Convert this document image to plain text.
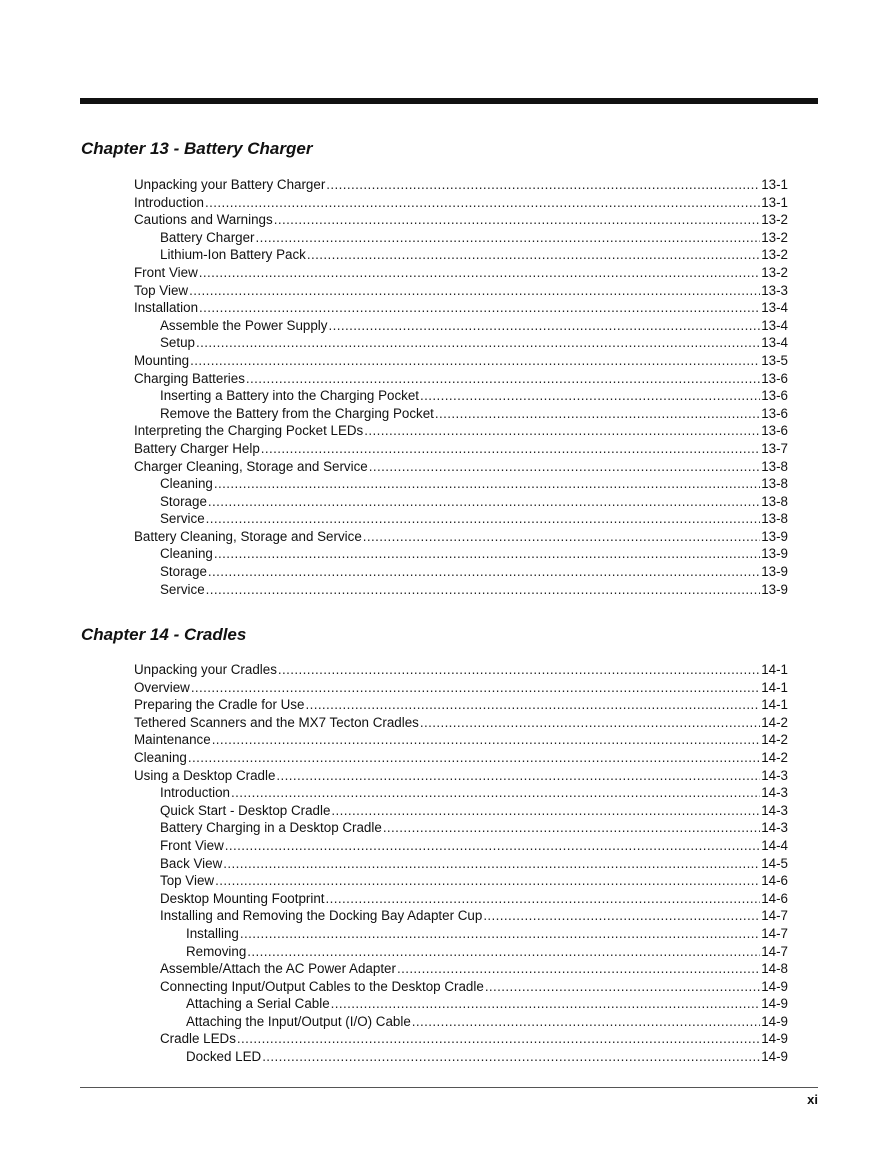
Chapter 13 - Battery Charger
Unpacking your Battery Charger .....	13-1
Introduction .....	13-1
Cautions and Warnings .....	13-2
Battery Charger .....	13-2
Lithium-Ion Battery Pack .....	13-2
Front View .....	13-2
Top View .....	13-3
Installation .....	13-4
Assemble the Power Supply .....	13-4
Setup .....	13-4
Mounting .....	13-5
Charging Batteries .....	13-6
Inserting a Battery into the Charging Pocket .....	13-6
Remove the Battery from the Charging Pocket .....	13-6
Interpreting the Charging Pocket LEDs .....	13-6
Battery Charger Help .....	13-7
Charger Cleaning, Storage and Service .....	13-8
Cleaning .....	13-8
Storage .....	13-8
Service .....	13-8
Battery Cleaning, Storage and Service .....	13-9
Cleaning .....	13-9
Storage .....	13-9
Service .....	13-9
Chapter 14 - Cradles
Unpacking your Cradles .....	14-1
Overview .....	14-1
Preparing the Cradle for Use .....	14-1
Tethered Scanners and the MX7 Tecton Cradles .....	14-2
Maintenance .....	14-2
Cleaning .....	14-2
Using a Desktop Cradle .....	14-3
Introduction .....	14-3
Quick Start - Desktop Cradle .....	14-3
Battery Charging in a Desktop Cradle .....	14-3
Front View .....	14-4
Back View .....	14-5
Top View .....	14-6
Desktop Mounting Footprint .....	14-6
Installing and Removing the Docking Bay Adapter Cup .....	14-7
Installing .....	14-7
Removing .....	14-7
Assemble/Attach the AC Power Adapter .....	14-8
Connecting Input/Output Cables to the Desktop Cradle .....	14-9
Attaching a Serial Cable .....	14-9
Attaching the Input/Output (I/O) Cable .....	14-9
Cradle LEDs .....	14-9
Docked LED .....	14-9
xi
